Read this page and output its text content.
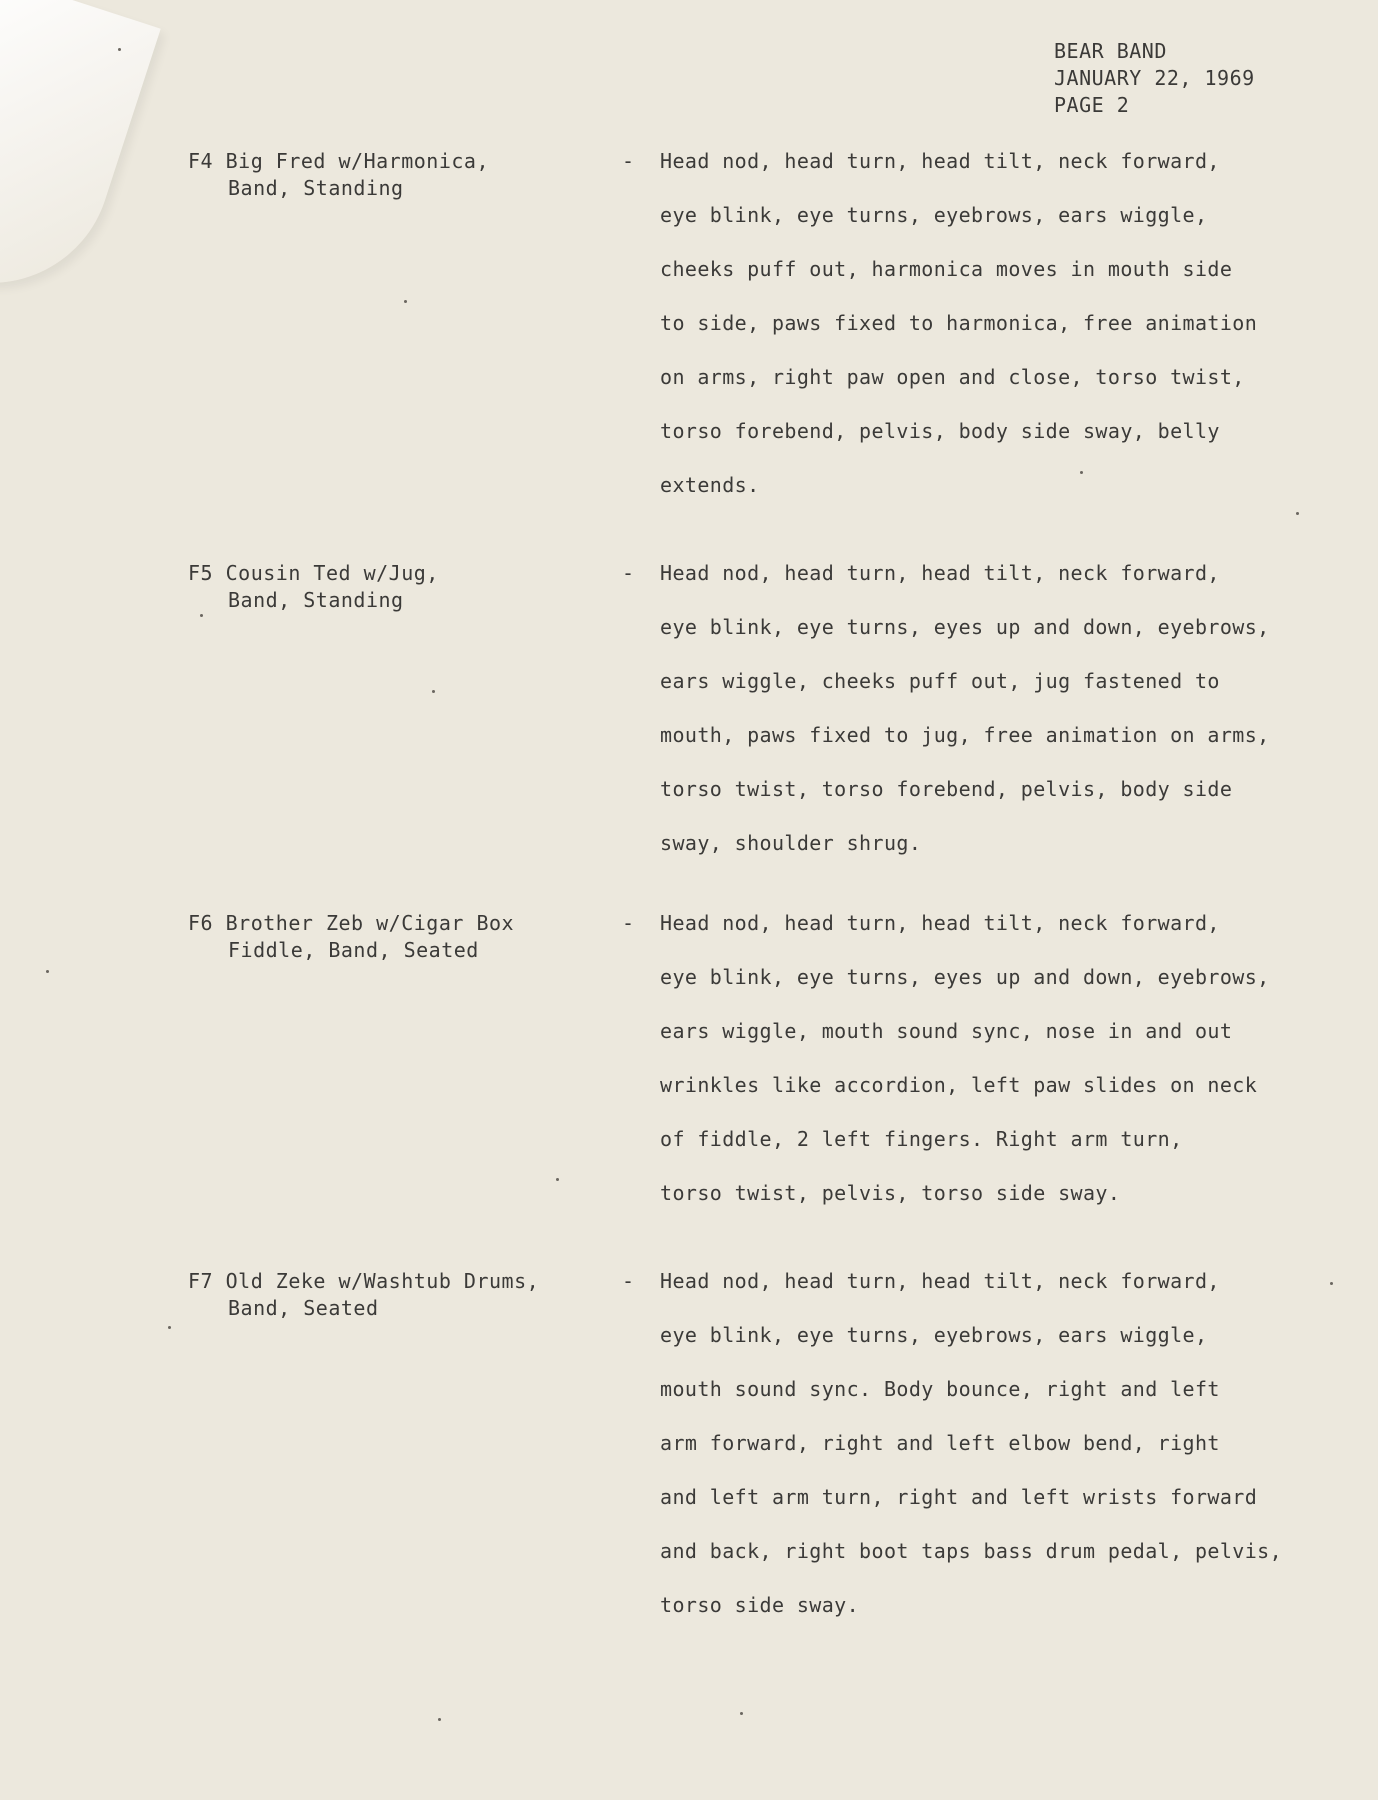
BEAR BAND
JANUARY 22, 1969
PAGE 2
F4 Big Fred w/Harmonica,
Band, Standing
- Head nod, head turn, head tilt, neck forward,
eye blink, eye turns, eyebrows, ears wiggle,
cheeks puff out, harmonica moves in mouth side
to side, paws fixed to harmonica, free animation
on arms, right paw open and close, torso twist,
torso forebend, pelvis, body side sway, belly
extends.
F5 Cousin Ted w/Jug,
Band, Standing
- Head nod, head turn, head tilt, neck forward,
eye blink, eye turns, eyes up and down, eyebrows,
ears wiggle, cheeks puff out, jug fastened to
mouth, paws fixed to jug, free animation on arms,
torso twist, torso forebend, pelvis, body side
sway, shoulder shrug.
F6 Brother Zeb w/Cigar Box
Fiddle, Band, Seated
- Head nod, head turn, head tilt, neck forward,
eye blink, eye turns, eyes up and down, eyebrows,
ears wiggle, mouth sound sync, nose in and out
wrinkles like accordion, left paw slides on neck
of fiddle, 2 left fingers. Right arm turn,
torso twist, pelvis, torso side sway.
F7 Old Zeke w/Washtub Drums,
Band, Seated
- Head nod, head turn, head tilt, neck forward,
eye blink, eye turns, eyebrows, ears wiggle,
mouth sound sync. Body bounce, right and left
arm forward, right and left elbow bend, right
and left arm turn, right and left wrists forward
and back, right boot taps bass drum pedal, pelvis,
torso side sway.
